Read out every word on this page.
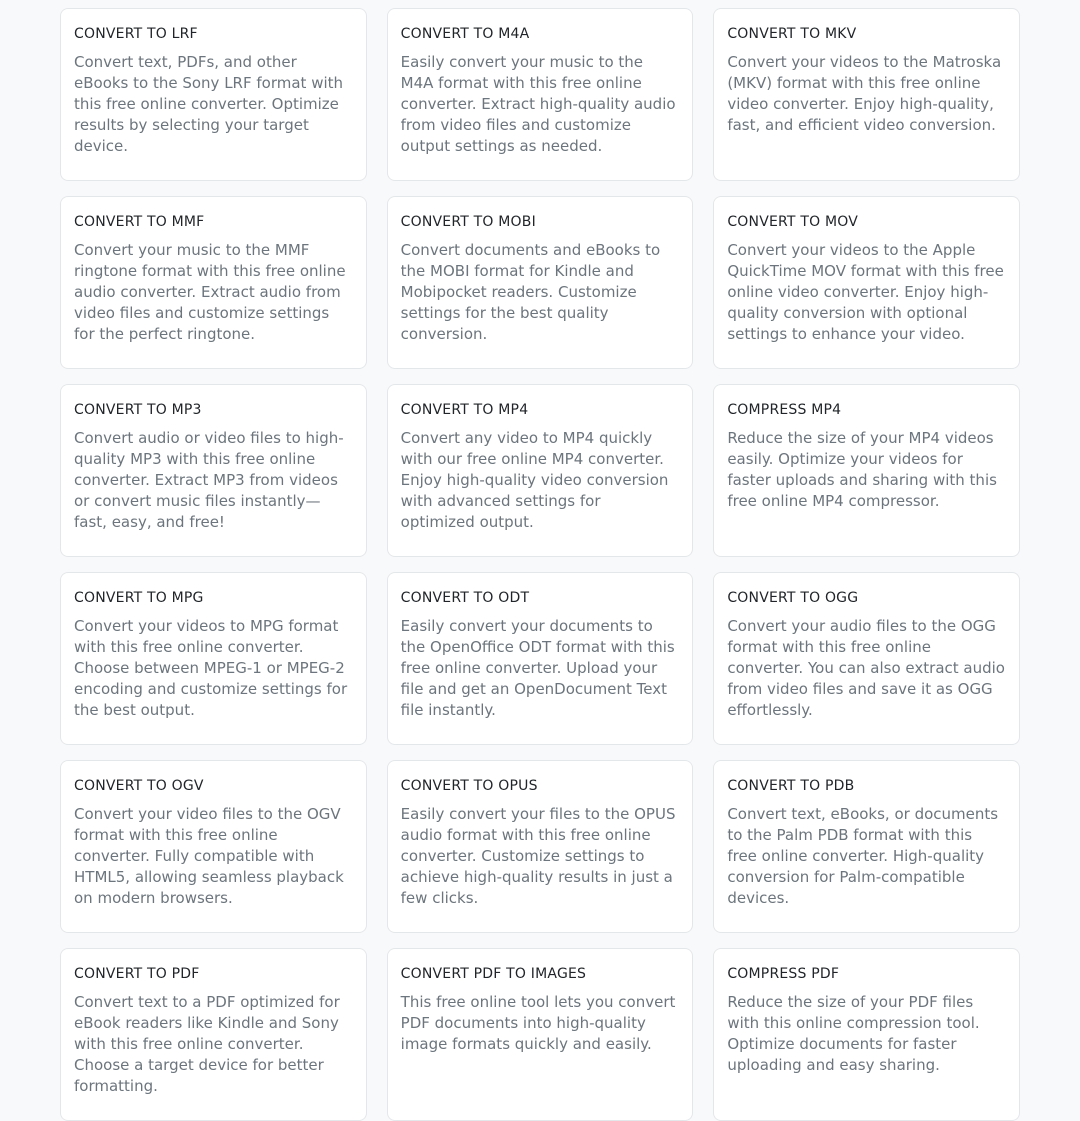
CONVERT TO LRF

Convert text, PDFs, and other eBooks to the Sony LRF format with this free online converter. Optimize results by selecting your target device.

CONVERT TO M4A

Easily convert your music to the M4A format with this free online converter. Extract high-quality audio from video files and customize output settings as needed.

CONVERT TO MKV

Convert your videos to the Matroska (MKV) format with this free online video converter. Enjoy high-quality, fast, and efficient video conversion.

CONVERT TO MMF

Convert your music to the MMF ringtone format with this free online audio converter. Extract audio from video files and customize settings for the perfect ringtone.

CONVERT TO MOBI

Convert documents and eBooks to the MOBI format for Kindle and Mobipocket readers. Customize settings for the best quality conversion.

CONVERT TO MOV

Convert your videos to the Apple QuickTime MOV format with this free online video converter. Enjoy high-quality conversion with optional settings to enhance your video.

CONVERT TO MP3

Convert audio or video files to high-quality MP3 with this free online converter. Extract MP3 from videos or convert music files instantly—fast, easy, and free!

CONVERT TO MP4

Convert any video to MP4 quickly with our free online MP4 converter. Enjoy high-quality video conversion with advanced settings for optimized output.

COMPRESS MP4

Reduce the size of your MP4 videos easily. Optimize your videos for faster uploads and sharing with this free online MP4 compressor.

CONVERT TO MPG

Convert your videos to MPG format with this free online converter. Choose between MPEG-1 or MPEG-2 encoding and customize settings for the best output.

CONVERT TO ODT

Easily convert your documents to the OpenOffice ODT format with this free online converter. Upload your file and get an OpenDocument Text file instantly.

CONVERT TO OGG

Convert your audio files to the OGG format with this free online converter. You can also extract audio from video files and save it as OGG effortlessly.

CONVERT TO OGV

Convert your video files to the OGV format with this free online converter. Fully compatible with HTML5, allowing seamless playback on modern browsers.

CONVERT TO OPUS

Easily convert your files to the OPUS audio format with this free online converter. Customize settings to achieve high-quality results in just a few clicks.

CONVERT TO PDB

Convert text, eBooks, or documents to the Palm PDB format with this free online converter. High-quality conversion for Palm-compatible devices.

CONVERT TO PDF

Convert text to a PDF optimized for eBook readers like Kindle and Sony with this free online converter. Choose a target device for better formatting.

CONVERT PDF TO IMAGES

This free online tool lets you convert PDF documents into high-quality image formats quickly and easily.

COMPRESS PDF

Reduce the size of your PDF files with this online compression tool. Optimize documents for faster uploading and easy sharing.
